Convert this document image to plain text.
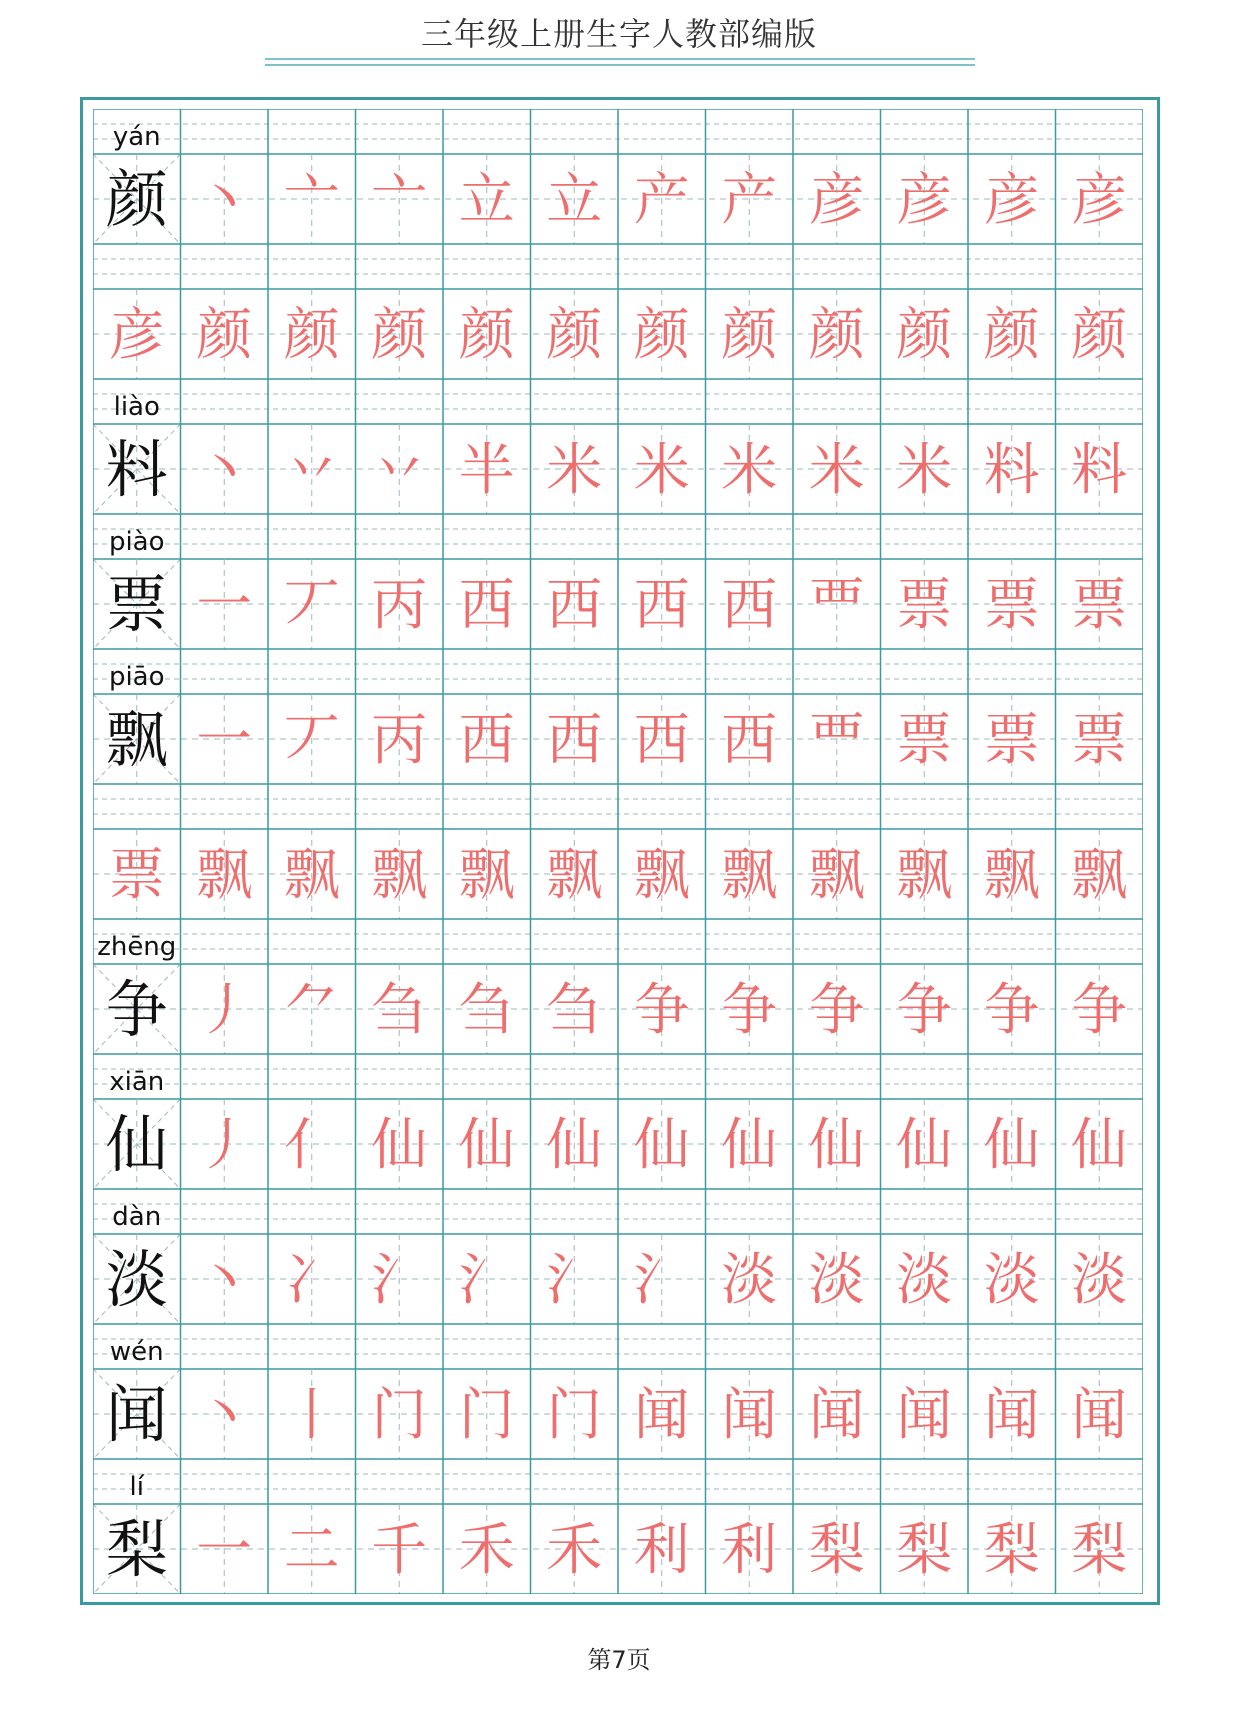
三年级上册生字人教部编版
yán
颜 丶 亠 亠 立 立 产 产 彦 彦 彦 彦
彦 颜 颜 颜 颜 颜 颜 颜 颜 颜 颜 颜
liào
料 丶 丷 丷 半 米 米 米 米 米 料 料
piào
票 一 丆 丙 西 西 西 西 覀 票 票 票
piāo
飘 一 丆 丙 西 西 西 西 覀 票 票 票
票 飘 飘 飘 飘 飘 飘 飘 飘 飘 飘 飘
zhēng
争 丿 ⺈ 刍 刍 刍 争 争 争 争 争 争
xiān
仙 丿 亻 仙 仙 仙 仙 仙 仙 仙 仙 仙
dàn
淡 丶 冫 氵 氵 氵 氵 淡 淡 淡 淡 淡
wén
闻 丶 丨 门 门 门 闻 闻 闻 闻 闻 闻
lí
梨 一 二 千 禾 禾 利 利 梨 梨 梨 梨
第7页
